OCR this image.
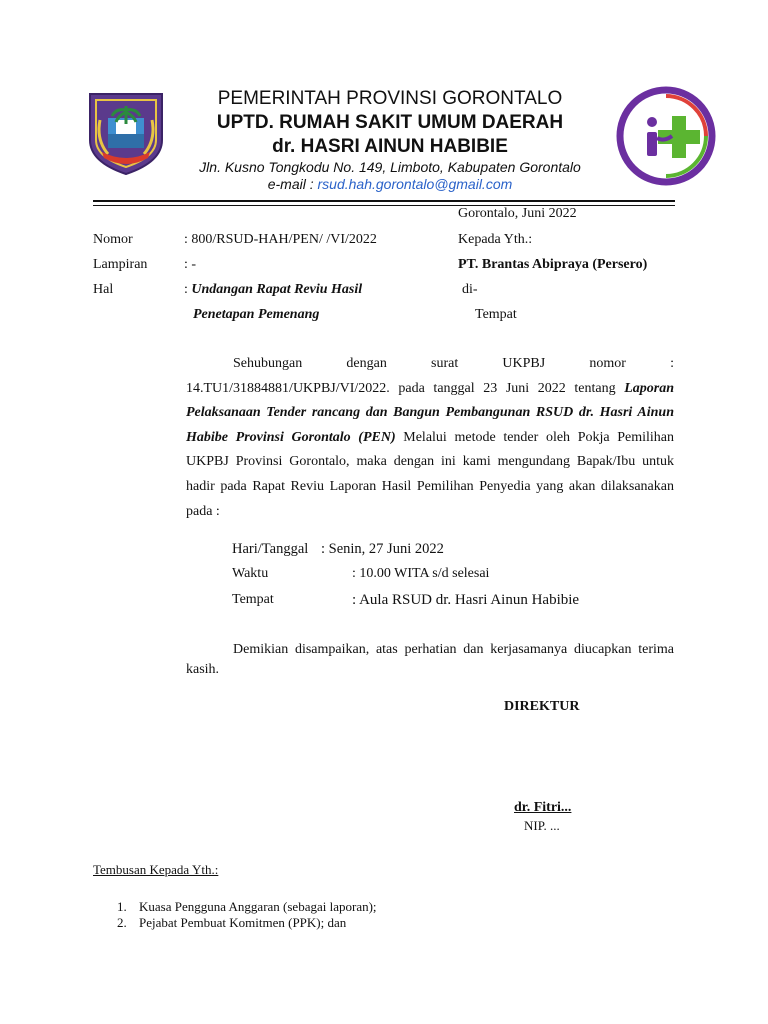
PEMERINTAH PROVINSI GORONTALO
UPTD. RUMAH SAKIT UMUM DAERAH
dr. HASRI AINUN HABIBIE
Jln. Kusno Tongkodu No. 149, Limboto, Kabupaten Gorontalo
e-mail : rsud.hah.gorontalo@gmail.com
Gorontalo, Juni 2022
Nomor	: 800/RSUD-HAH/PEN/ /VI/2022	Kepada Yth.:
Lampiran	: -	PT. Brantas Abipraya (Persero)
Hal	: Undangan Rapat Reviu Hasil	di-
Penetapan Pemenang	Tempat

Sehubungan dengan surat UKPBJ nomor : 14.TU1/31884881/UKPBJ/VI/2022. pada tanggal 23 Juni 2022 tentang Laporan Pelaksanaan Tender rancang dan Bangun Pembangunan RSUD dr. Hasri Ainun Habibe Provinsi Gorontalo (PEN) Melalui metode tender oleh Pokja Pemilihan UKPBJ Provinsi Gorontalo, maka dengan ini kami mengundang Bapak/Ibu untuk hadir pada Rapat Reviu Laporan Hasil Pemilihan Penyedia yang akan dilaksanakan pada :

Hari/Tanggal : Senin, 27 Juni 2022
Waktu	: 10.00 WITA s/d selesai
Tempat	: Aula RSUD dr. Hasri Ainun Habibie

Demikian disampaikan, atas perhatian dan kerjasamanya diucapkan terima kasih.

DIREKTUR
dr. Fitri...
NIP. ...
Tembusan Kepada Yth.:
1. Kuasa Pengguna Anggaran (sebagai laporan);
2. Pejabat Pembuat Komitmen (PPK); dan
